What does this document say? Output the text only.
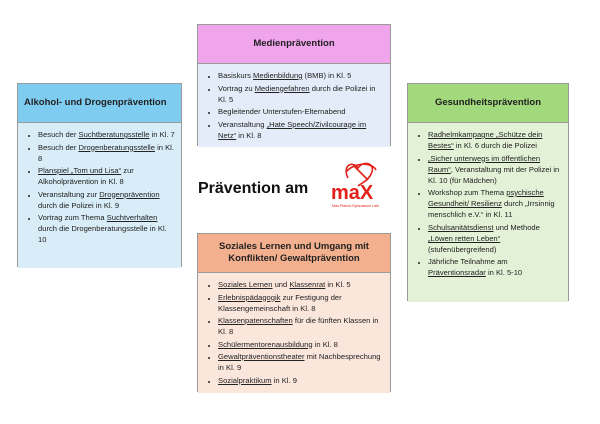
Medienprävention
• Basiskurs Medienbildung (BMB) in Kl. 5
• Vortrag zu Mediengefahren durch die Polizei in Kl. 5
• Begleitender Unterstufen-Elternabend
• Veranstaltung „Hate Speech/Zivilcourage im Netz“ in Kl. 8
Alkohol- und Drogenprävention
• Besuch der Suchtberatungsstelle in Kl. 7
• Besuch der Drogenberatungsstelle in Kl. 8
• Planspiel „Tom und Lisa“ zur Alkoholprävention in Kl. 8
• Veranstaltung zur Drogenprävention durch die Polizei in Kl. 9
• Vortrag zum Thema Suchtverhalten durch die Drogenberatungsstelle in Kl. 10
Gesundheitsprävention
• Radhelmkampagne „Schütze dein Bestes“ in Kl. 6 durch die Polizei
• „Sicher unterwegs im öffentlichen Raum“, Veranstaltung mit der Polizei in Kl. 10 (für Mädchen)
• Workshop zum Thema psychische Gesundheit/ Resilienz durch „Irrsinnig menschlich e.V.“ in Kl. 11
• Schulsanitätsdienst und Methode „Löwen retten Leben“ (stufenübergreifend)
• Jährliche Teilnahme am Präventionsradar in Kl. 5-10
Soziales Lernen und Umgang mit Konflikten/ Gewaltprävention
• Soziales Lernen und Klassenrat in Kl. 5
• Erlebnispädagogik zur Festigung der Klassengemeinschaft in Kl. 8
• Klassenpatenschaften für die fünften Klassen in Kl. 8
• Schülermentorenausbildung in Kl. 8
• Gewaltpräventionstheater mit Nachbesprechung in Kl. 9
• Sozialpraktikum in Kl. 9
Prävention am maX
Max-Planck-Gymnasium Lahr
